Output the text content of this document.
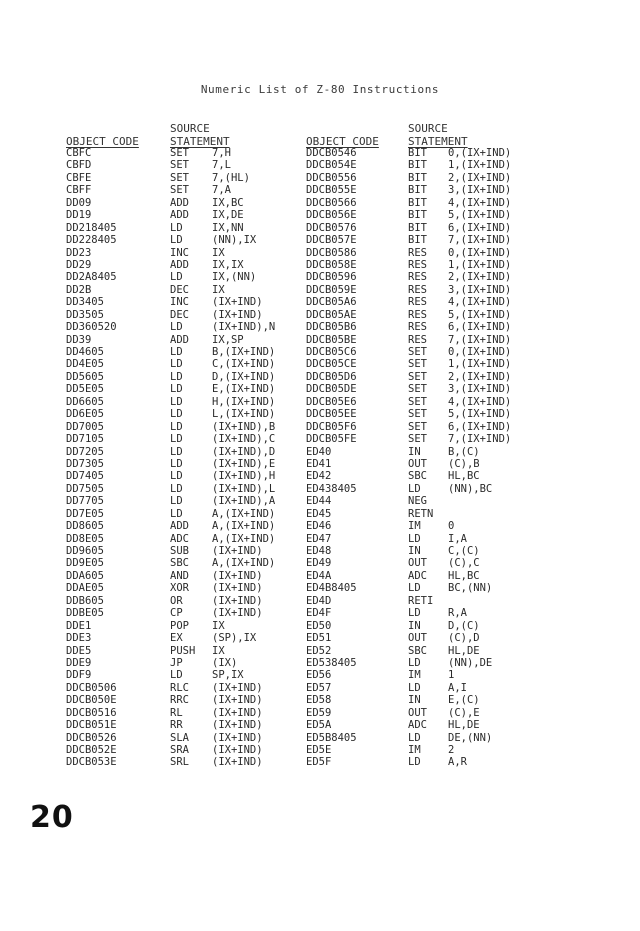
Numeric List of Z-80 Instructions
SOURCE
OBJECT CODE	STATEMENT
SOURCE
OBJECT CODE	STATEMENT
CBFC	SET 7,H
CBFD	SET 7,L
CBFE	SET 7,(HL)
CBFF	SET 7,A
DD09	ADD IX,BC
DD19	ADD IX,DE
DD218405	LD	IX,NN
DD228405	LD	(NN),IX
DD23	INC IX
DD29	ADD IX,IX
DD2A8405	LD	IX,(NN)
DD2B	DEC IX
DD3405	INC (IX+IND)
DD3505	DEC (IX+IND)
DD360520	LD	(IX+IND),N
DD39	ADD IX,SP
DD4605	LD	B,(IX+IND)
DD4E05	LD	C,(IX+IND)
DD5605	LD	D,(IX+IND)
DD5E05	LD	E,(IX+IND)
DD6605	LD	H,(IX+IND)
DD6E05	LD	L,(IX+IND)
DD7005	LD	(IX+IND),B
DD7105	LD	(IX+IND),C
DD7205	LD	(IX+IND),D
DD7305	LD	(IX+IND),E
DD7405	LD	(IX+IND),H
DD7505	LD	(IX+IND),L
DD7705	LD	(IX+IND),A
DD7E05	LD	A,(IX+IND)
DD8605	ADD A,(IX+IND)
DD8E05	ADC A,(IX+IND)
DD9605	SUB (IX+IND)
DD9E05	SBC A,(IX+IND)
DDA605	AND (IX+IND)
DDAE05	XOR (IX+IND)
DDB605	OR	(IX+IND)
DDBE05	CP	(IX+IND)
DDE1	POP IX
DDE3	EX	(SP),IX
DDE5	PUSH IX
DDE9	JP	(IX)
DDF9	LD	SP,IX
DDCB0506	RLC (IX+IND)
DDCB050E	RRC (IX+IND)
DDCB0516	RL	(IX+IND)
DDCB051E	RR	(IX+IND)
DDCB0526	SLA (IX+IND)
DDCB052E	SRA (IX+IND)
DDCB053E	SRL (IX+IND)
DDCB0546	BIT 0,(IX+IND)
DDCB054E	BIT 1,(IX+IND)
DDCB0556	BIT 2,(IX+IND)
DDCB055E	BIT 3,(IX+IND)
DDCB0566	BIT 4,(IX+IND)
DDCB056E	BIT 5,(IX+IND)
DDCB0576	BIT 6,(IX+IND)
DDCB057E	BIT 7,(IX+IND)
DDCB0586	RES 0,(IX+IND)
DDCB058E	RES 1,(IX+IND)
DDCB0596	RES 2,(IX+IND)
DDCB059E	RES 3,(IX+IND)
DDCB05A6	RES 4,(IX+IND)
DDCB05AE	RES 5,(IX+IND)
DDCB05B6	RES 6,(IX+IND)
DDCB05BE	RES 7,(IX+IND)
DDCB05C6	SET 0,(IX+IND)
DDCB05CE	SET 1,(IX+IND)
DDCB05D6	SET 2,(IX+IND)
DDCB05DE	SET 3,(IX+IND)
DDCB05E6	SET 4,(IX+IND)
DDCB05EE	SET 5,(IX+IND)
DDCB05F6	SET 6,(IX+IND)
DDCB05FE	SET 7,(IX+IND)
ED40	IN	B,(C)
ED41	OUT (C),B
ED42	SBC HL,BC
ED438405	LD	(NN),BC
ED44	NEG
ED45	RETN
ED46	IM	0
ED47	LD	I,A
ED48	IN	C,(C)
ED49	OUT (C),C
ED4A	ADC HL,BC
ED4B8405	LD	BC,(NN)
ED4D	RETI
ED4F	LD	R,A
ED50	IN	D,(C)
ED51	OUT (C),D
ED52	SBC HL,DE
ED538405	LD	(NN),DE
ED56	IM	1
ED57	LD	A,I
ED58	IN	E,(C)
ED59	OUT (C),E
ED5A	ADC HL,DE
ED5B8405	LD	DE,(NN)
ED5E	IM	2
ED5F	LD	A,R
20
